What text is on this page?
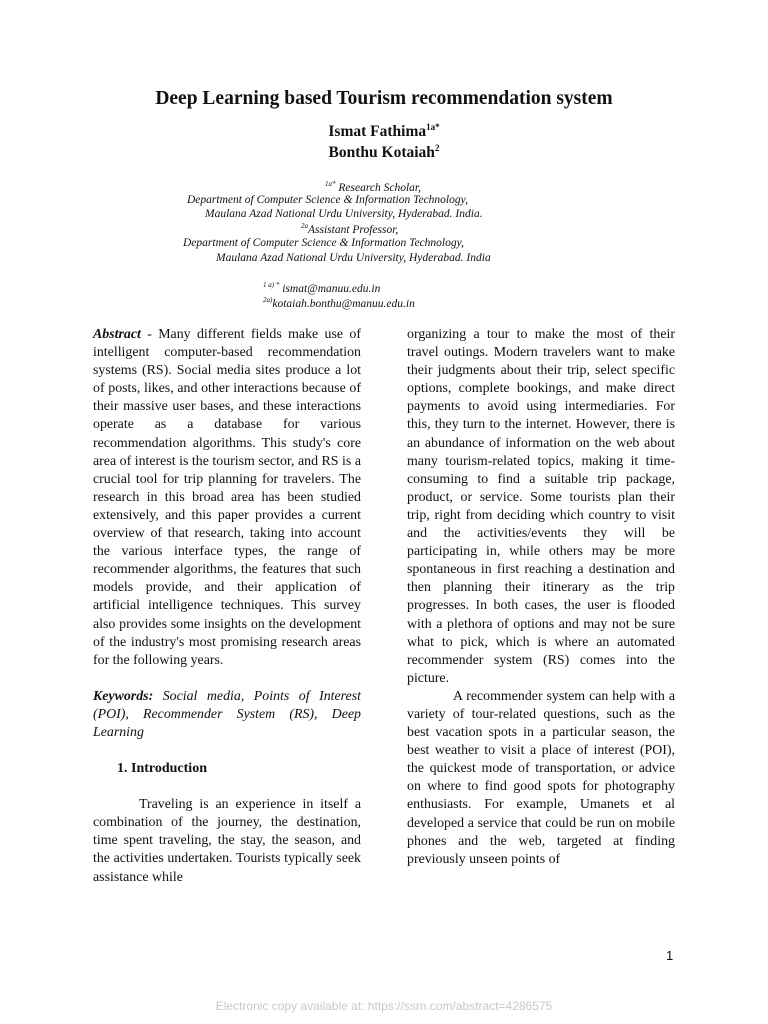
Deep Learning based Tourism recommendation system
Ismat Fathima$^{1a*}$
Bonthu Kotaiah$^2$
$^{1a*}$ Research Scholar,
Department of Computer Science & Information Technology,
Maulana Azad National Urdu University, Hyderabad. India.
$^{2a}$Assistant Professor,
Department of Computer Science & Information Technology,
Maulana Azad National Urdu University, Hyderabad. India
$^{1 a) *}$ ismat@manuu.edu.in
$^{2a)}$kotaiah.bonthu@manuu.edu.in

Abstract - Many different fields make use of intelligent computer-based recommendation systems (RS). Social media sites produce a lot of posts, likes, and other interactions because of their massive user bases, and these interactions operate as a database for various recommendation algorithms. This study's core area of interest is the tourism sector, and RS is a crucial tool for trip planning for travelers. The research in this broad area has been studied extensively, and this paper provides a current overview of that research, taking into account the various interface types, the range of recommender algorithms, the features that such models provide, and their application of artificial intelligence techniques. This survey also provides some insights on the development of the industry's most promising research areas for the following years.

Keywords: Social media, Points of Interest (POI), Recommender System (RS), Deep Learning

1. Introduction

Traveling is an experience in itself a combination of the journey, the destination, time spent traveling, the stay, the season, and the activities undertaken. Tourists typically seek assistance while

organizing a tour to make the most of their travel outings. Modern travelers want to make their judgments about their trip, select specific options, complete bookings, and make direct payments to avoid using intermediaries. For this, they turn to the internet. However, there is an abundance of information on the web about many tourism-related topics, making it time-consuming to find a suitable trip package, product, or service. Some tourists plan their trip, right from deciding which country to visit and the activities/events they will be participating in, while others may be more spontaneous in first reaching a destination and then planning their itinerary as the trip progresses. In both cases, the user is flooded with a plethora of options and may not be sure what to pick, which is where an automated recommender system (RS) comes into the picture.

A recommender system can help with a variety of tour-related questions, such as the best vacation spots in a particular season, the best weather to visit a place of interest (POI), the quickest mode of transportation, or advice on where to find good spots for photography enthusiasts. For example, Umanets et al developed a service that could be run on mobile phones and the web, targeted at finding previously unseen points of

1
Electronic copy available at: https://ssrn.com/abstract=4286575
